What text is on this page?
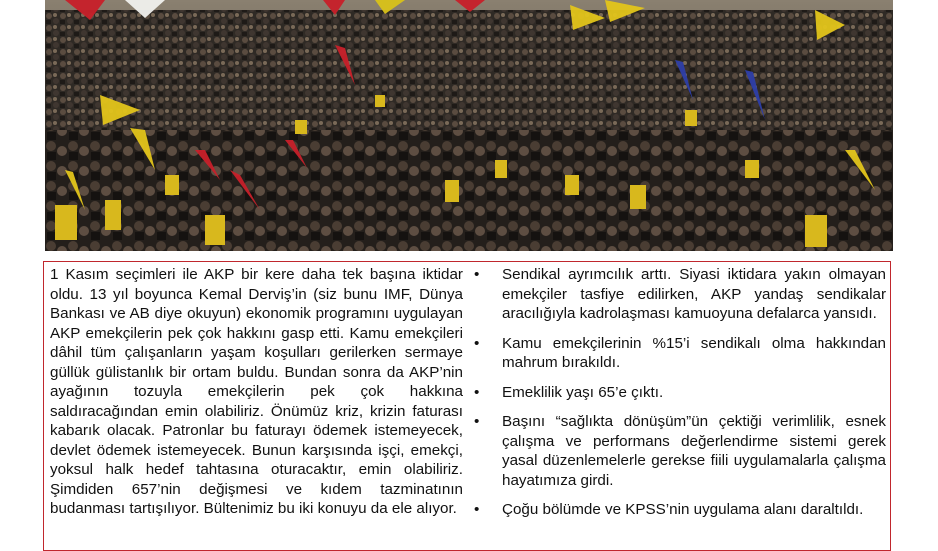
1 Kasım seçimleri ile AKP bir kere daha tek başına iktidar oldu. 13 yıl boyunca Kemal Derviş’in (siz bunu IMF, Dünya Bankası ve AB diye okuyun) ekonomik programını uygulayan AKP emekçilerin pek çok hakkını gasp etti. Kamu emekçileri dâhil tüm çalışanların yaşam koşulları gerilerken sermaye güllük gülistanlık bir ortam buldu. Bundan sonra da AKP’nin ayağının tozuyla emekçilerin pek çok hakkına saldıracağından emin olabiliriz. Önümüz kriz, krizin faturası kabarık olacak. Patronlar bu faturayı ödemek istemeyecek, devlet ödemek istemeyecek. Bunun karşısında işçi, emekçi, yoksul halk hedef tahtasına oturacaktır, emin olabiliriz. Şimdiden 657’nin değişmesi ve kıdem tazminatının budanması tartışılıyor. Bültenimiz bu iki konuyu da ele alıyor.
• Sendikal ayrımcılık arttı. Siyasi iktidara yakın olmayan emekçiler tasfiye edilirken, AKP yandaş sendikalar aracılığıyla kadrolaşması kamuoyuna defalarca yansıdı.
• Kamu emekçilerinin %15’i sendikalı olma hakkından mahrum bırakıldı.
• Emeklilik yaşı 65’e çıktı.
• Başını “sağlıkta dönüşüm”ün çektiği verimlilik, esnek çalışma ve performans değerlendirme sistemi gerek yasal düzenlemelerle gerekse fiili uygulamalarla çalışma hayatımıza girdi.
• Çoğu bölümde ve KPSS’nin uygulama alanı daraltıldı.
